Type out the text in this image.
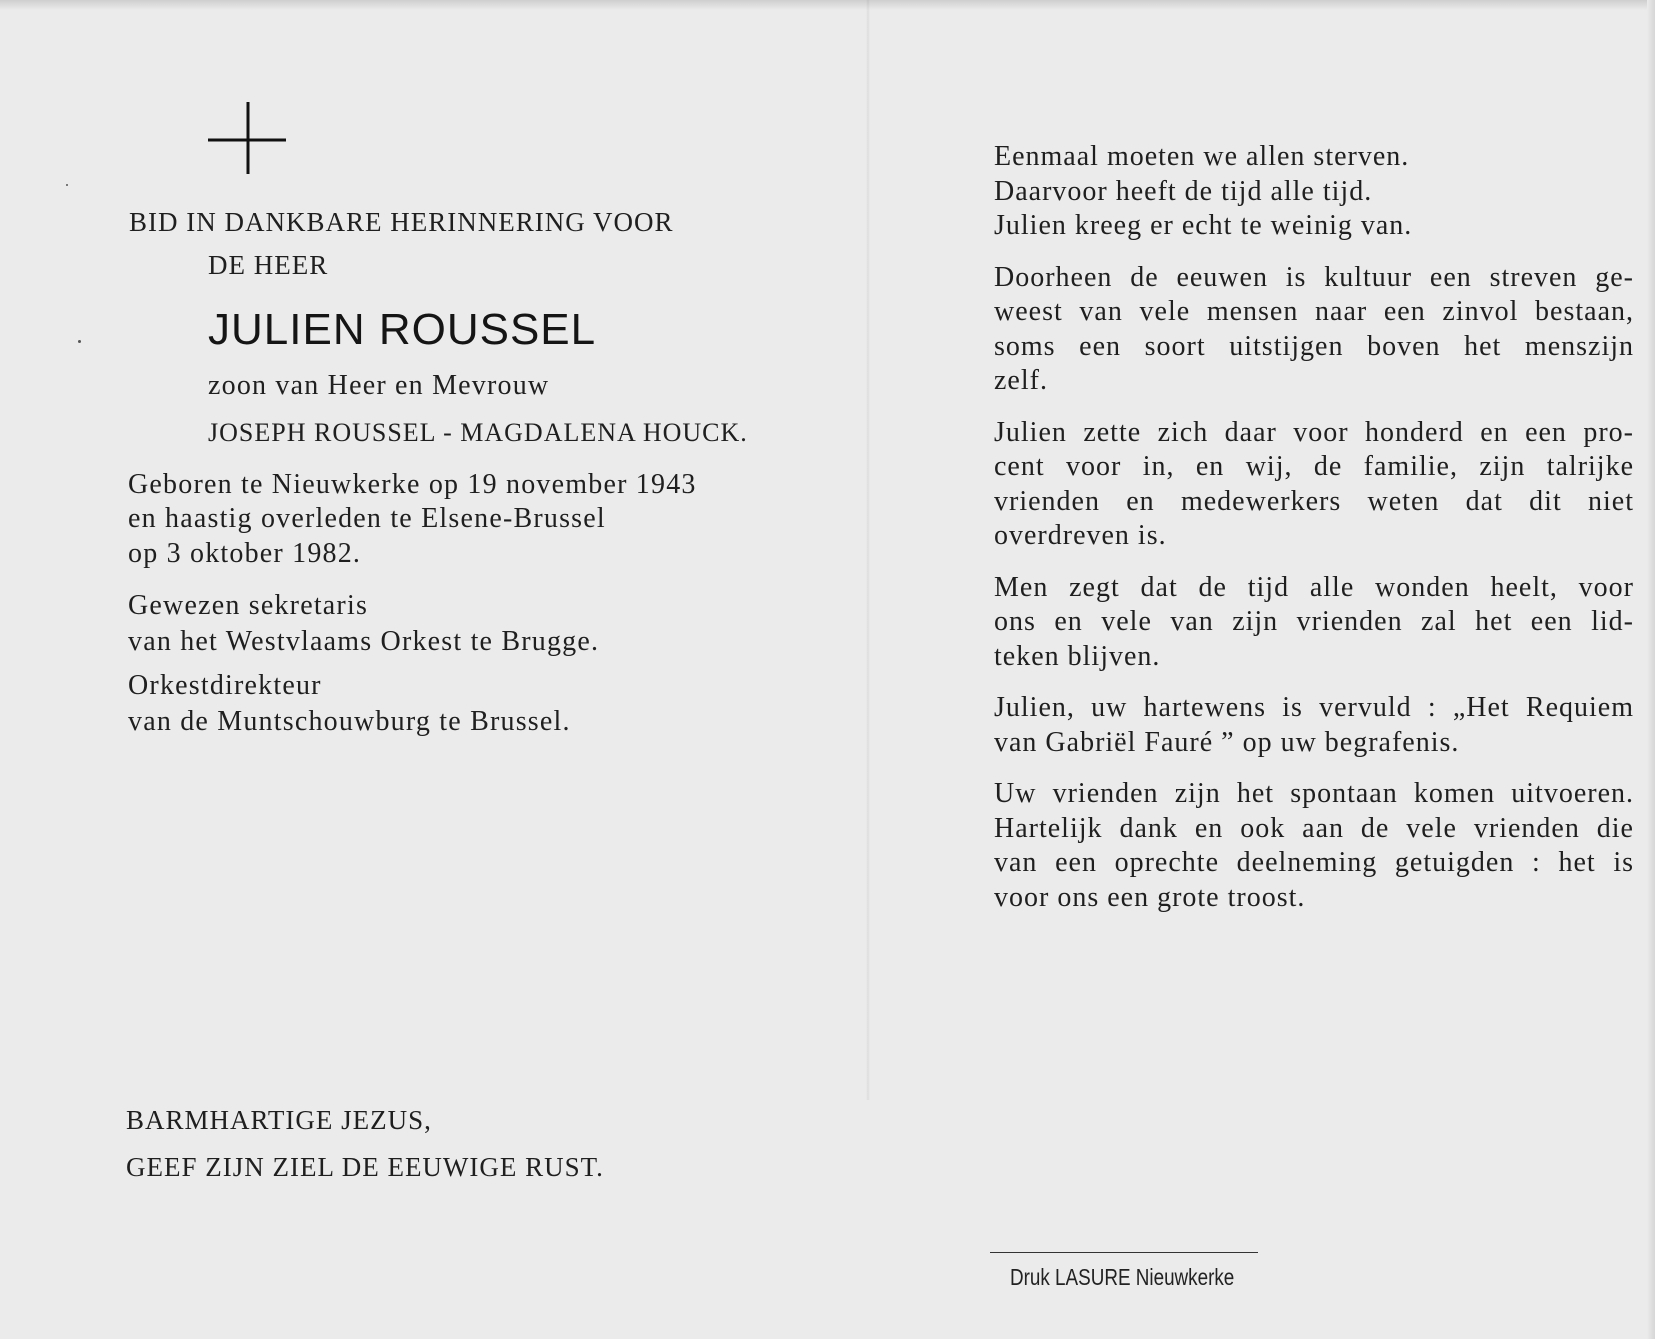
BID IN DANKBARE HERINNERING VOOR
DE HEER
JULIEN ROUSSEL
zoon van Heer en Mevrouw
JOSEPH ROUSSEL - MAGDALENA HOUCK.
Geboren te Nieuwkerke op 19 november 1943
en haastig overleden te Elsene-Brussel
op 3 oktober 1982.
Gewezen sekretaris
van het Westvlaams Orkest te Brugge.
Orkestdirekteur
van de Muntschouwburg te Brussel.
BARMHARTIGE JEZUS,
GEEF ZIJN ZIEL DE EEUWIGE RUST.
Eenmaal moeten we allen sterven.
Daarvoor heeft de tijd alle tijd.
Julien kreeg er echt te weinig van.
Doorheen de eeuwen is kultuur een streven ge-
weest van vele mensen naar een zinvol bestaan,
soms een soort uitstijgen boven het menszijn
zelf.
Julien zette zich daar voor honderd en een pro-
cent voor in, en wij, de familie, zijn talrijke
vrienden en medewerkers weten dat dit niet
overdreven is.
Men zegt dat de tijd alle wonden heelt, voor
ons en vele van zijn vrienden zal het een lid-
teken blijven.
Julien, uw hartewens is vervuld : „Het Requiem
van Gabriël Fauré ” op uw begrafenis.
Uw vrienden zijn het spontaan komen uitvoeren.
Hartelijk dank en ook aan de vele vrienden die
van een oprechte deelneming getuigden : het is
voor ons een grote troost.
Druk LASURE Nieuwkerke
